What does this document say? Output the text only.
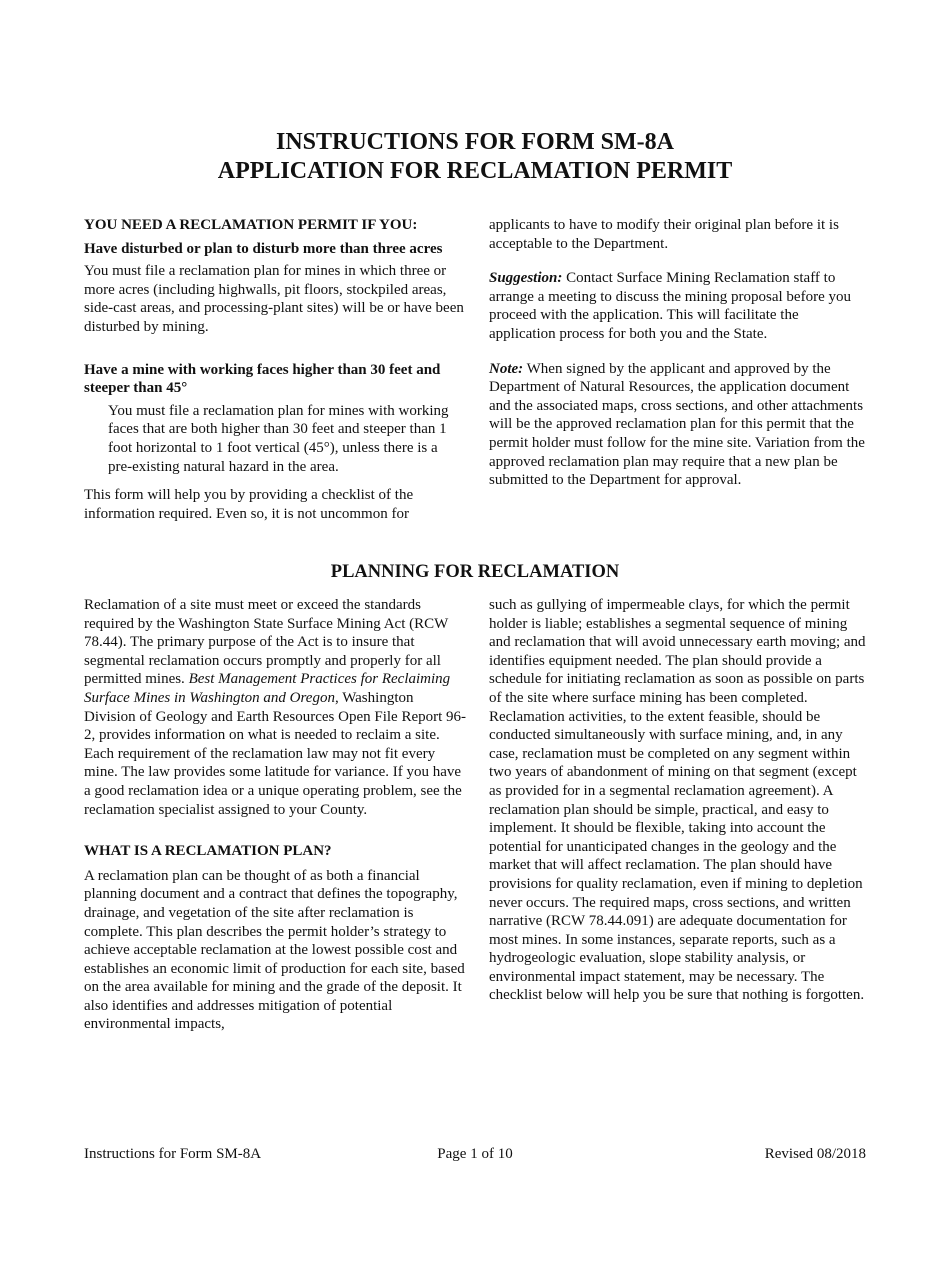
INSTRUCTIONS FOR FORM SM-8A
APPLICATION FOR RECLAMATION PERMIT

YOU NEED A RECLAMATION PERMIT IF YOU:

Have disturbed or plan to disturb more than three acres

You must file a reclamation plan for mines in which three or more acres (including highwalls, pit floors, stockpiled areas, side-cast areas, and processing-plant sites) will be or have been disturbed by mining.

Have a mine with working faces higher than 30 feet and steeper than 45°

You must file a reclamation plan for mines with working faces that are both higher than 30 feet and steeper than 1 foot horizontal to 1 foot vertical (45°), unless there is a pre-existing natural hazard in the area.

This form will help you by providing a checklist of the information required. Even so, it is not uncommon for

applicants to have to modify their original plan before it is acceptable to the Department.

Suggestion: Contact Surface Mining Reclamation staff to arrange a meeting to discuss the mining proposal before you proceed with the application. This will facilitate the application process for both you and the State.

Note: When signed by the applicant and approved by the Department of Natural Resources, the application document and the associated maps, cross sections, and other attachments will be the approved reclamation plan for this permit that the permit holder must follow for the mine site. Variation from the approved reclamation plan may require that a new plan be submitted to the Department for approval.

PLANNING FOR RECLAMATION

Reclamation of a site must meet or exceed the standards required by the Washington State Surface Mining Act (RCW 78.44). The primary purpose of the Act is to insure that segmental reclamation occurs promptly and properly for all permitted mines. Best Management Practices for Reclaiming Surface Mines in Washington and Oregon, Washington Division of Geology and Earth Resources Open File Report 96-2, provides information on what is needed to reclaim a site. Each requirement of the reclamation law may not fit every mine. The law provides some latitude for variance. If you have a good reclamation idea or a unique operating problem, see the reclamation specialist assigned to your County.

WHAT IS A RECLAMATION PLAN?

A reclamation plan can be thought of as both a financial planning document and a contract that defines the topography, drainage, and vegetation of the site after reclamation is complete. This plan describes the permit holder’s strategy to achieve acceptable reclamation at the lowest possible cost and establishes an economic limit of production for each site, based on the area available for mining and the grade of the deposit. It also identifies and addresses mitigation of potential environmental impacts,

such as gullying of impermeable clays, for which the permit holder is liable; establishes a segmental sequence of mining and reclamation that will avoid unnecessary earth moving; and identifies equipment needed. The plan should provide a schedule for initiating reclamation as soon as possible on parts of the site where surface mining has been completed. Reclamation activities, to the extent feasible, should be conducted simultaneously with surface mining, and, in any case, reclamation must be completed on any segment within two years of abandonment of mining on that segment (except as provided for in a segmental reclamation agreement). A reclamation plan should be simple, practical, and easy to implement. It should be flexible, taking into account the potential for unanticipated changes in the geology and the market that will affect reclamation. The plan should have provisions for quality reclamation, even if mining to depletion never occurs. The required maps, cross sections, and written narrative (RCW 78.44.091) are adequate documentation for most mines. In some instances, separate reports, such as a hydrogeologic evaluation, slope stability analysis, or environmental impact statement, may be necessary. The checklist below will help you be sure that nothing is forgotten.

Instructions for Form SM-8A	Page 1 of 10	Revised 08/2018
